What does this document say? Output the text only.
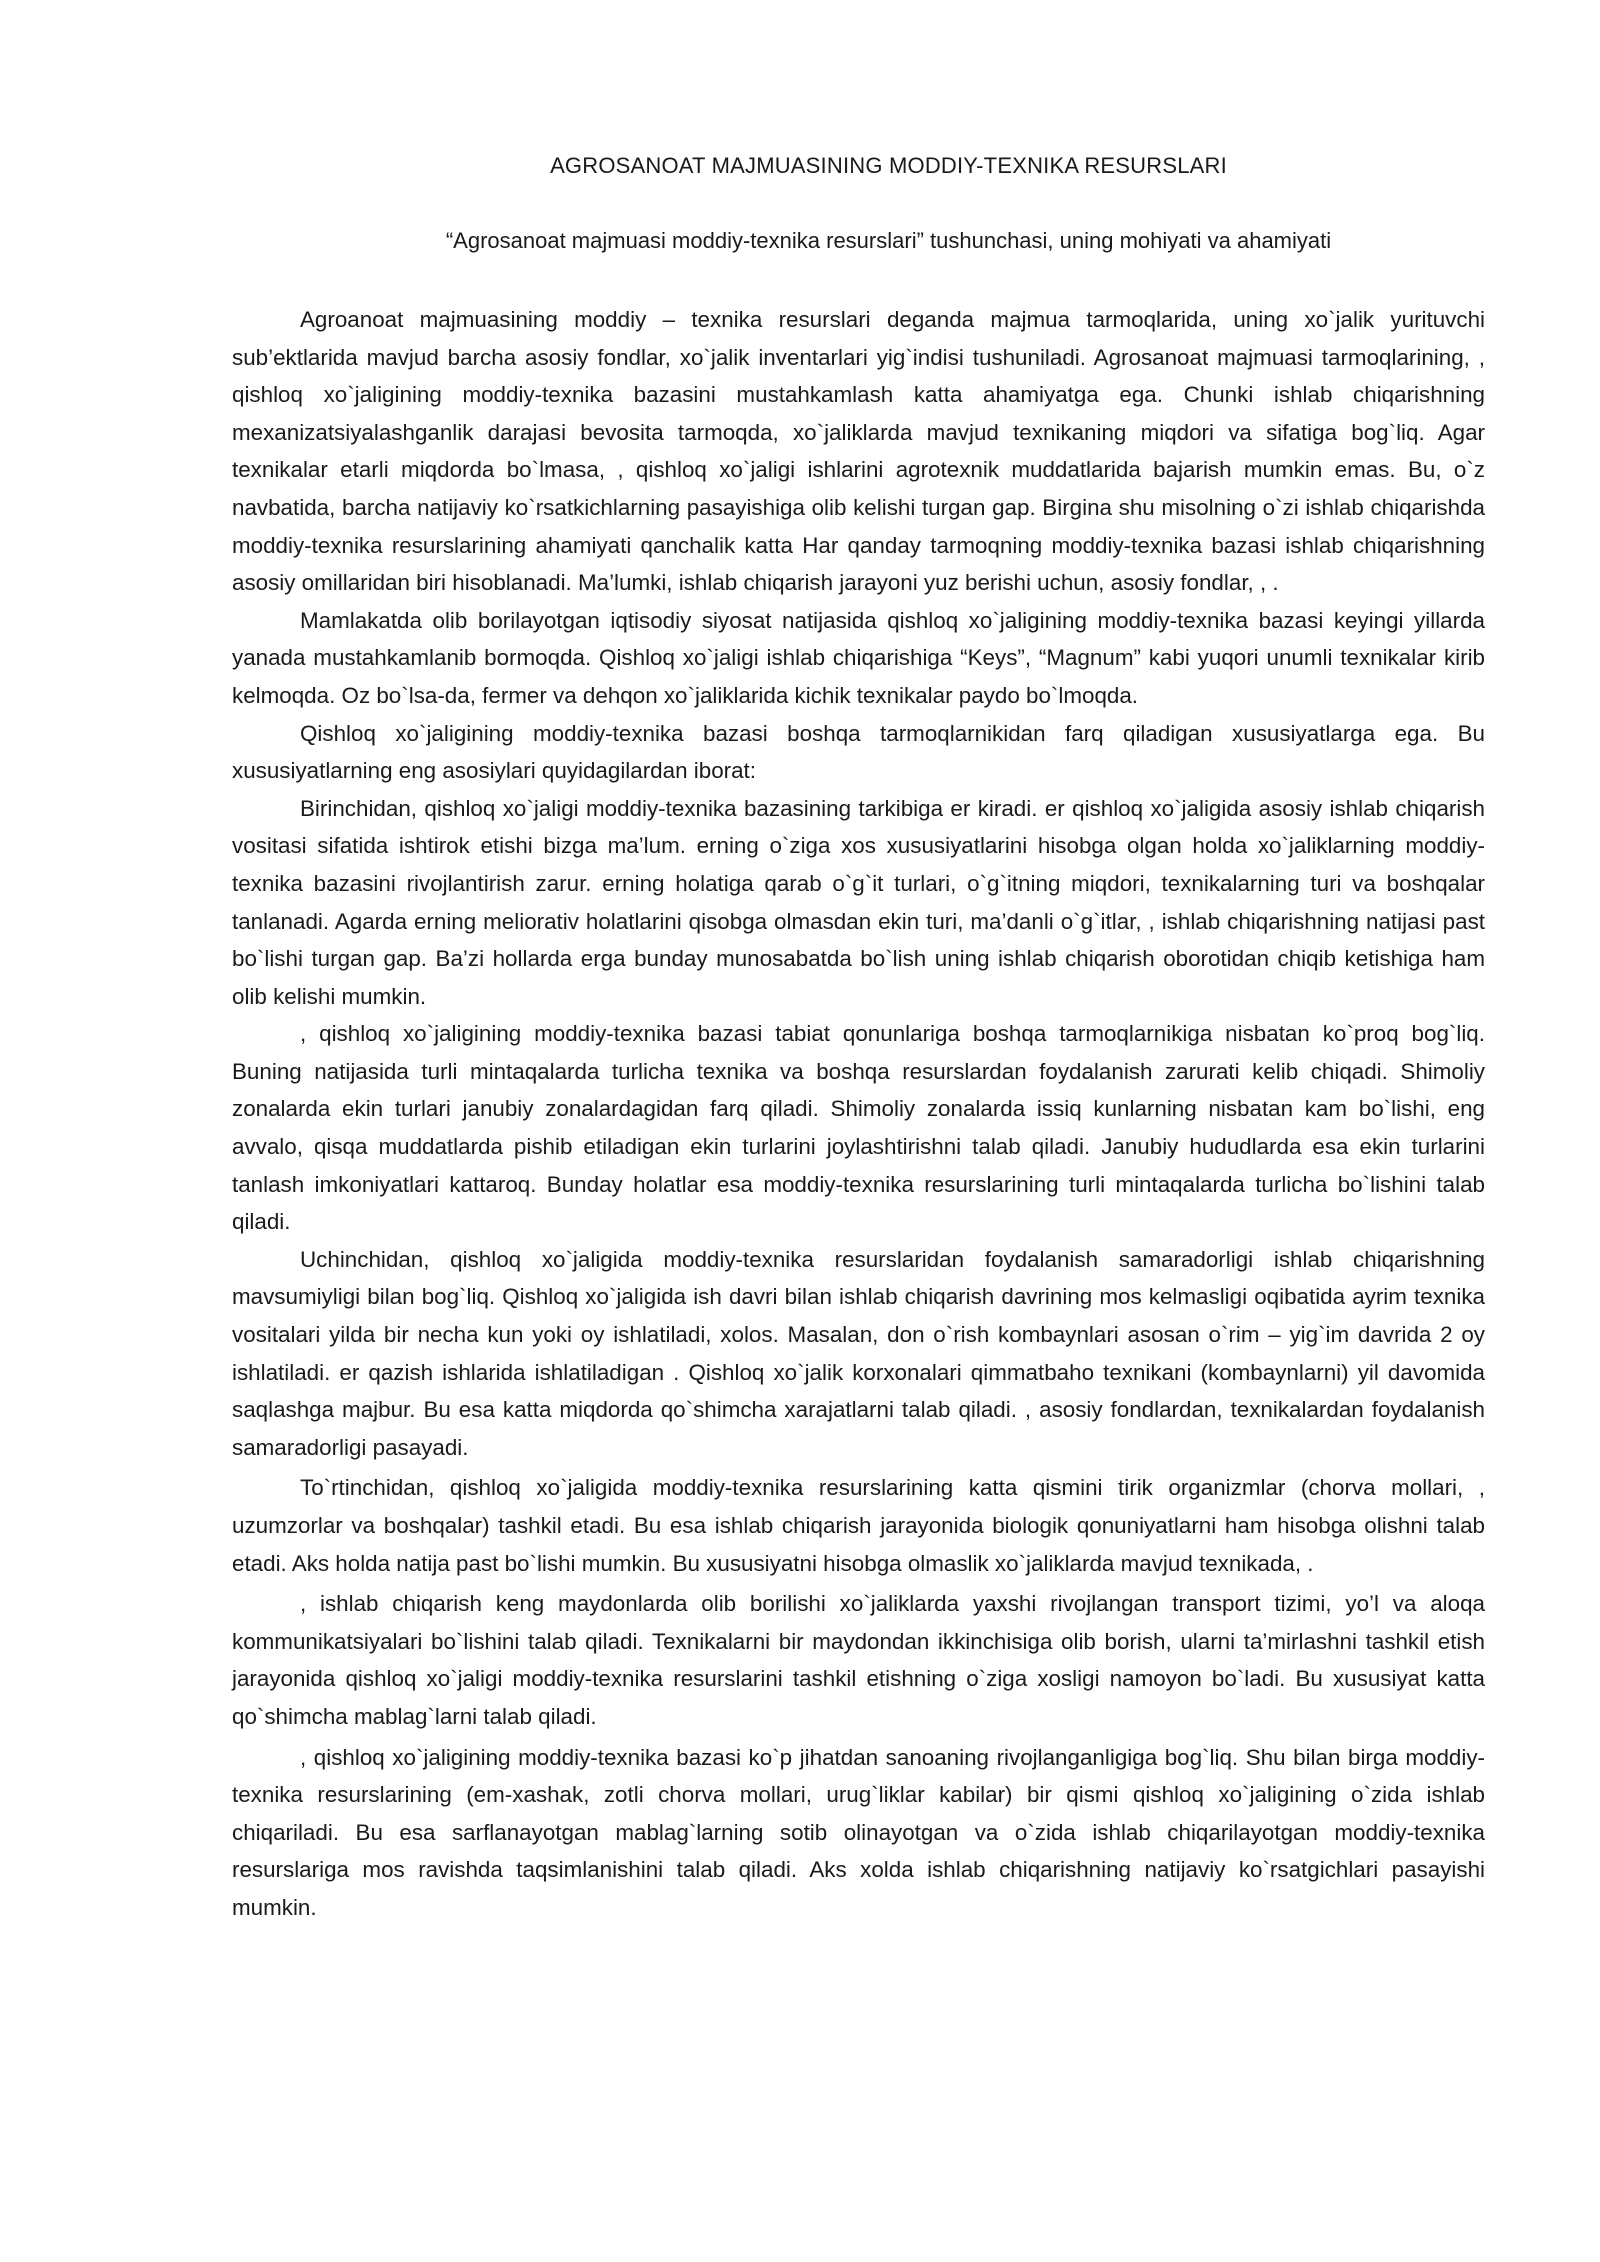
AGROSANOAT MAJMUASINING MODDIY-TEXNIKA RESURSLARI
“Agrosanoat majmuasi moddiy-texnika resurslari” tushunchasi, uning mohiyati va ahamiyati

Agroanoat majmuasining moddiy – texnika resurslari deganda majmua tarmoqlarida, uning xo`jalik yurituvchi sub’ektlarida mavjud barcha asosiy fondlar, xo`jalik inventarlari yig`indisi tushuniladi. Agrosanoat majmuasi tarmoqlarining, , qishloq xo`jaligining moddiy-texnika bazasini mustahkamlash katta ahamiyatga ega. Chunki ishlab chiqarishning mexanizatsiyalashganlik darajasi bevosita tarmoqda, xo`jaliklarda mavjud texnikaning miqdori va sifatiga bog`liq. Agar texnikalar etarli miqdorda bo`lmasa, , qishloq xo`jaligi ishlarini agrotexnik muddatlarida bajarish mumkin emas. Bu, o`z navbatida, barcha natijaviy ko`rsatkichlarning pasayishiga olib kelishi turgan gap. Birgina shu misolning o`zi ishlab chiqarishda moddiy-texnika resurslarining ahamiyati qanchalik katta Har qanday tarmoqning moddiy-texnika bazasi ishlab chiqarishning asosiy omillaridan biri hisoblanadi. Ma’lumki, ishlab chiqarish jarayoni yuz berishi uchun, asosiy fondlar, , .

Mamlakatda olib borilayotgan iqtisodiy siyosat natijasida qishloq xo`jaligining moddiy-texnika bazasi keyingi yillarda yanada mustahkamlanib bormoqda. Qishloq xo`jaligi ishlab chiqarishiga “Keys”, “Magnum” kabi yuqori unumli texnikalar kirib kelmoqda. Oz bo`lsa-da, fermer va dehqon xo`jaliklarida kichik texnikalar paydo bo`lmoqda.

Qishloq xo`jaligining moddiy-texnika bazasi boshqa tarmoqlarnikidan farq qiladigan xususiyatlarga ega. Bu xususiyatlarning eng asosiylari quyidagilardan iborat:

Birinchidan, qishloq xo`jaligi moddiy-texnika bazasining tarkibiga er kiradi. er qishloq xo`jaligida asosiy ishlab chiqarish vositasi sifatida ishtirok etishi bizga ma’lum. erning o`ziga xos xususiyatlarini hisobga olgan holda xo`jaliklarning moddiy-texnika bazasini rivojlantirish zarur. erning holatiga qarab o`g`it turlari, o`g`itning miqdori, texnikalarning turi va boshqalar tanlanadi. Agarda erning meliorativ holatlarini qisobga olmasdan ekin turi, ma’danli o`g`itlar, , ishlab chiqarishning natijasi past bo`lishi turgan gap. Ba’zi hollarda erga bunday munosabatda bo`lish uning ishlab chiqarish oborotidan chiqib ketishiga ham olib kelishi mumkin.

, qishloq xo`jaligining moddiy-texnika bazasi tabiat qonunlariga boshqa tarmoqlarnikiga nisbatan ko`proq bog`liq. Buning natijasida turli mintaqalarda turlicha texnika va boshqa resurslardan foydalanish zarurati kelib chiqadi. Shimoliy zonalarda ekin turlari janubiy zonalardagidan farq qiladi. Shimoliy zonalarda issiq kunlarning nisbatan kam bo`lishi, eng avvalo, qisqa muddatlarda pishib etiladigan ekin turlarini joylashtirishni talab qiladi. Janubiy hududlarda esa ekin turlarini tanlash imkoniyatlari kattaroq. Bunday holatlar esa moddiy-texnika resurslarining turli mintaqalarda turlicha bo`lishini talab qiladi.

Uchinchidan, qishloq xo`jaligida moddiy-texnika resurslaridan foydalanish samaradorligi ishlab chiqarishning mavsumiyligi bilan bog`liq. Qishloq xo`jaligida ish davri bilan ishlab chiqarish davrining mos kelmasligi oqibatida ayrim texnika vositalari yilda bir necha kun yoki oy ishlatiladi, xolos. Masalan, don o`rish kombaynlari asosan o`rim – yig`im davrida 2 oy ishlatiladi. er qazish ishlarida ishlatiladigan . Qishloq xo`jalik korxonalari qimmatbaho texnikani (kombaynlarni) yil davomida saqlashga majbur. Bu esa katta miqdorda qo`shimcha xarajatlarni talab qiladi. , asosiy fondlardan, texnikalardan foydalanish samaradorligi pasayadi.

To`rtinchidan, qishloq xo`jaligida moddiy-texnika resurslarining katta qismini tirik organizmlar (chorva mollari, , uzumzorlar va boshqalar) tashkil etadi. Bu esa ishlab chiqarish jarayonida biologik qonuniyatlarni ham hisobga olishni talab etadi. Aks holda natija past bo`lishi mumkin. Bu xususiyatni hisobga olmaslik xo`jaliklarda mavjud texnikada, .

, ishlab chiqarish keng maydonlarda olib borilishi xo`jaliklarda yaxshi rivojlangan transport tizimi, yo’l va aloqa kommunikatsiyalari bo`lishini talab qiladi. Texnikalarni bir maydondan ikkinchisiga olib borish, ularni ta’mirlashni tashkil etish jarayonida qishloq xo`jaligi moddiy-texnika resurslarini tashkil etishning o`ziga xosligi namoyon bo`ladi. Bu xususiyat katta qo`shimcha mablag`larni talab qiladi.

, qishloq xo`jaligining moddiy-texnika bazasi ko`p jihatdan sanoaning rivojlanganligiga bog`liq. Shu bilan birga moddiy-texnika resurslarining (em-xashak, zotli chorva mollari, urug`liklar kabilar) bir qismi qishloq xo`jaligining o`zida ishlab chiqariladi. Bu esa sarflanayotgan mablag`larning sotib olinayotgan va o`zida ishlab chiqarilayotgan moddiy-texnika resurslariga mos ravishda taqsimlanishini talab qiladi. Aks xolda ishlab chiqarishning natijaviy ko`rsatgichlari pasayishi mumkin.
